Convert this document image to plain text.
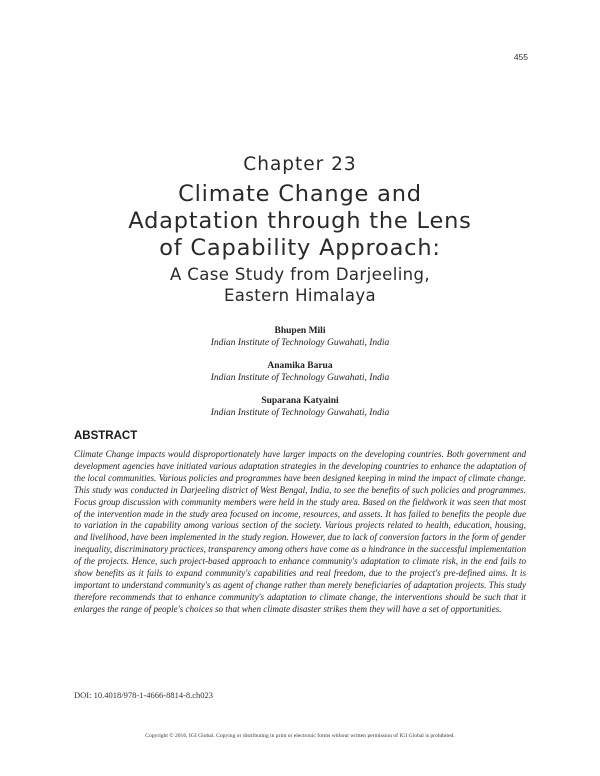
455
Chapter 23
Climate Change and
Adaptation through the Lens
of Capability Approach:
A Case Study from Darjeeling,
Eastern Himalaya
Bhupen Mili
Indian Institute of Technology Guwahati, India
Anamika Barua
Indian Institute of Technology Guwahati, India
Suparana Katyaini
Indian Institute of Technology Guwahati, India
ABSTRACT
Climate Change impacts would disproportionately have larger impacts on the developing countries. Both government and development agencies have initiated various adaptation strategies in the developing countries to enhance the adaptation of the local communities. Various policies and programmes have been designed keeping in mind the impact of climate change. This study was conducted in Darjeeling district of West Bengal, India, to see the benefits of such policies and programmes. Focus group discussion with community members were held in the study area. Based on the fieldwork it was seen that most of the intervention made in the study area focused on income, resources, and assets. It has failed to benefits the people due to variation in the capability among various section of the society. Various projects related to health, education, housing, and livelihood, have been implemented in the study region. However, due to lack of conversion factors in the form of gender inequality, discriminatory practices, transparency among others have come as a hindrance in the successful implementation of the projects. Hence, such project-based approach to enhance community's adaptation to climate risk, in the end fails to show benefits as it fails to expand community's capabilities and real freedom, due to the project's pre-defined aims. It is important to understand community's as agent of change rather than merely beneficiaries of adaptation projects. This study therefore recommends that to enhance community's adaptation to climate change, the interventions should be such that it enlarges the range of people's choices so that when climate disaster strikes them they will have a set of opportunities.
DOI: 10.4018/978-1-4666-8814-8.ch023
Copyright © 2016, IGI Global. Copying or distributing in print or electronic forms without written permission of IGI Global is prohibited.
